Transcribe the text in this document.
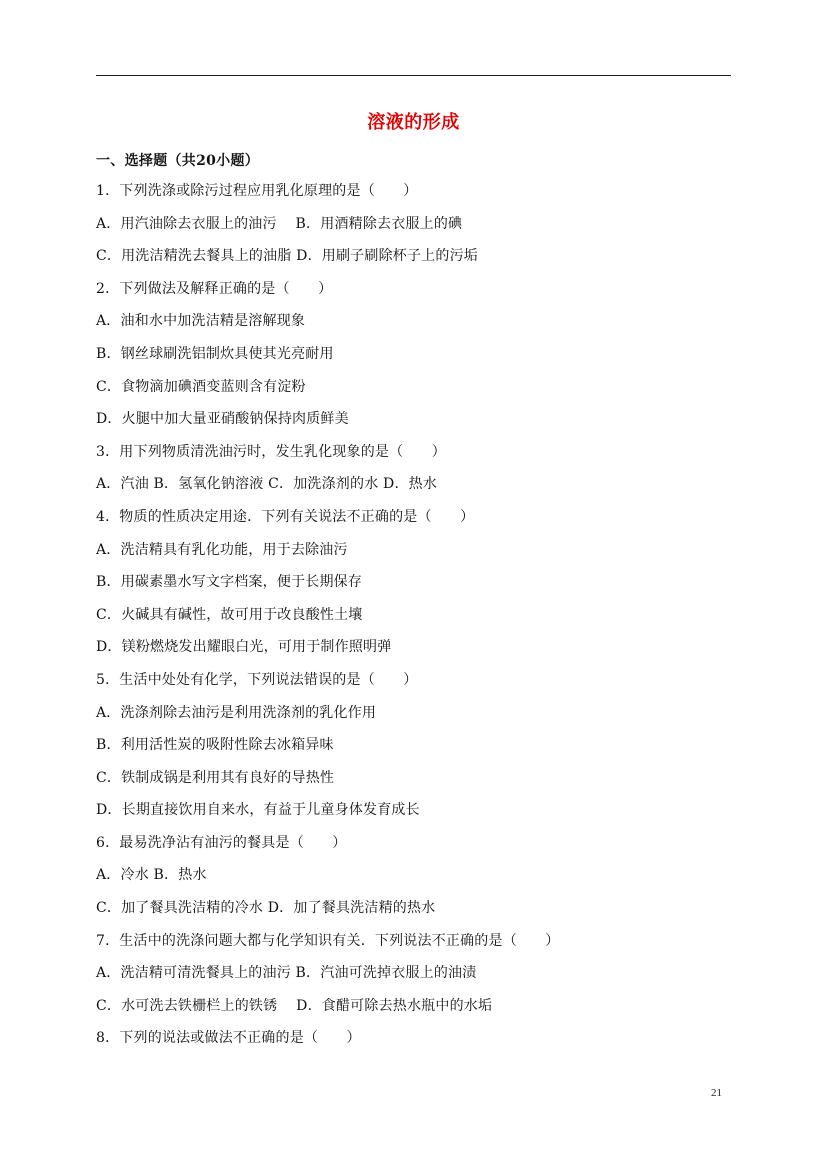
溶液的形成
一、选择题（共20小题）
1．下列洗涤或除污过程应用乳化原理的是（　　）
A．用汽油除去衣服上的油污　 B．用酒精除去衣服上的碘
C．用洗洁精洗去餐具上的油脂 D．用刷子刷除杯子上的污垢
2．下列做法及解释正确的是（　　）
A．油和水中加洗洁精是溶解现象
B．钢丝球刷洗铝制炊具使其光亮耐用
C．食物滴加碘酒变蓝则含有淀粉
D．火腿中加大量亚硝酸钠保持肉质鲜美
3．用下列物质清洗油污时，发生乳化现象的是（　　）
A．汽油 B．氢氧化钠溶液 C．加洗涤剂的水 D．热水
4．物质的性质决定用途．下列有关说法不正确的是（　　）
A．洗洁精具有乳化功能，用于去除油污
B．用碳素墨水写文字档案，便于长期保存
C．火碱具有碱性，故可用于改良酸性土壤
D．镁粉燃烧发出耀眼白光，可用于制作照明弹
5．生活中处处有化学，下列说法错误的是（　　）
A．洗涤剂除去油污是利用洗涤剂的乳化作用
B．利用活性炭的吸附性除去冰箱异味
C．铁制成锅是利用其有良好的导热性
D．长期直接饮用自来水，有益于儿童身体发育成长
6．最易洗净沾有油污的餐具是（　　）
A．冷水 B．热水
C．加了餐具洗洁精的冷水 D．加了餐具洗洁精的热水
7．生活中的洗涤问题大都与化学知识有关．下列说法不正确的是（　　）
A．洗洁精可清洗餐具上的油污 B．汽油可洗掉衣服上的油渍
C．水可洗去铁栅栏上的铁锈　 D．食醋可除去热水瓶中的水垢
8．下列的说法或做法不正确的是（　　）
21
